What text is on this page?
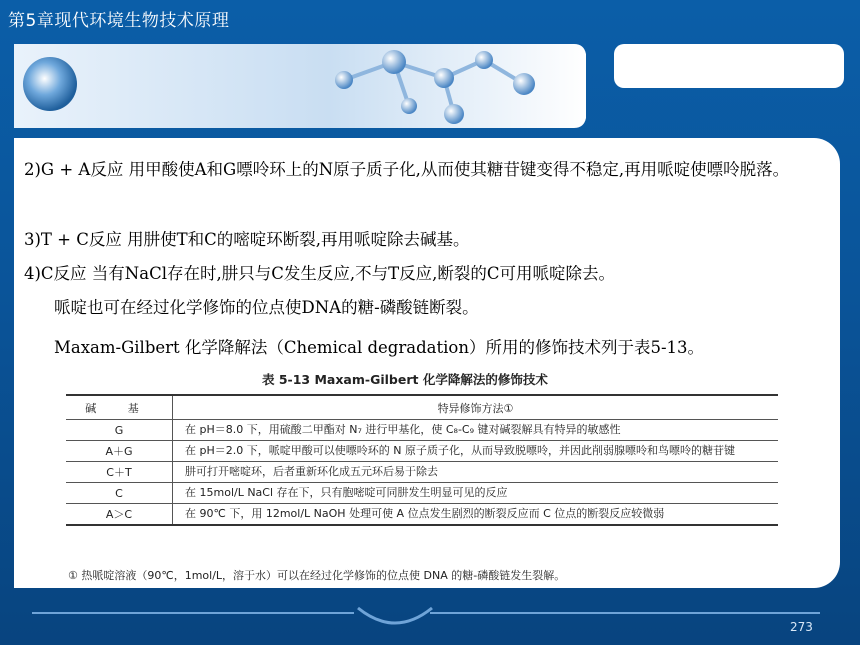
第5章现代环境生物技术原理
2)G + A反应 用甲酸使A和G嘌呤环上的N原子质子化,从而使其糖苷键变得不稳定,再用哌啶使嘌呤脱落。
3)T + C反应 用肼使T和C的嘧啶环断裂,再用哌啶除去碱基。
4)C反应 当有NaCl存在时,肼只与C发生反应,不与T反应,断裂的C可用哌啶除去。
哌啶也可在经过化学修饰的位点使DNA的糖-磷酸链断裂。
Maxam-Gilbert 化学降解法（Chemical degradation）所用的修饰技术列于表5-13。
表 5-13 Maxam-Gilbert 化学降解法的修饰技术
碱 基	特异修饰方法①
G	在 pH＝8.0 下，用硫酸二甲酯对 N₇ 进行甲基化，使 C₈-C₉ 键对碱裂解具有特异的敏感性
A＋G	在 pH＝2.0 下，哌啶甲酸可以使嘌呤环的 N 原子质子化，从而导致脱嘌呤，并因此削弱腺嘌呤和鸟嘌呤的糖苷键
C＋T	肼可打开嘧啶环，后者重新环化成五元环后易于除去
C	在 15mol/L NaCl 存在下，只有胞嘧啶可同肼发生明显可见的反应
A＞C	在 90℃ 下，用 12mol/L NaOH 处理可使 A 位点发生剧烈的断裂反应而 C 位点的断裂反应较微弱
① 热哌啶溶液（90℃，1mol/L，溶于水）可以在经过化学修饰的位点使 DNA 的糖-磷酸链发生裂解。
273
